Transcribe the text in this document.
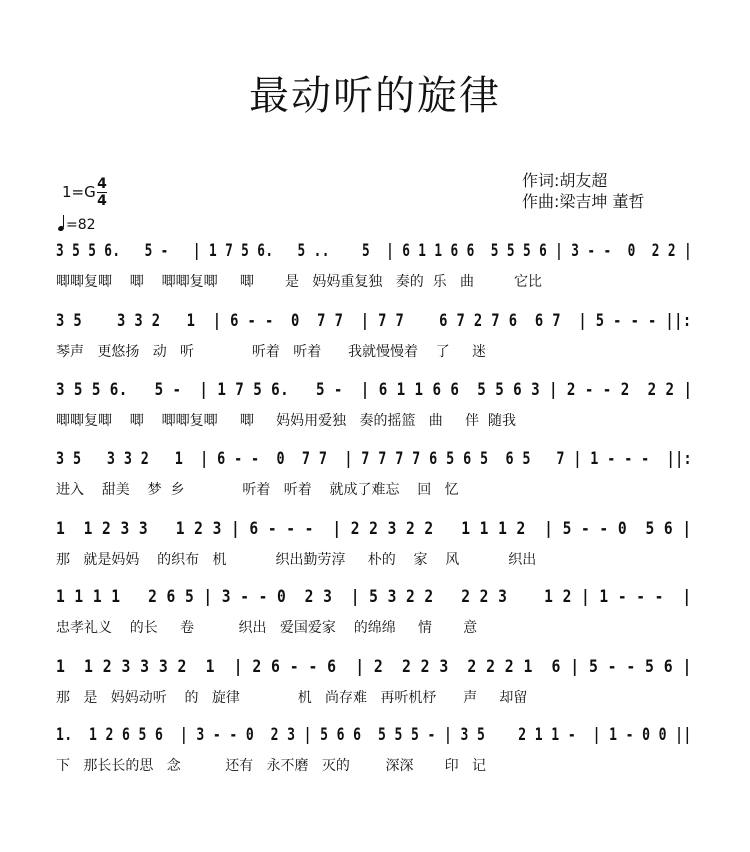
最动听的旋律
作词:胡友超
作曲:梁吉坤 董哲
1=G 4
4
=82
3 5 5 6.   5 -   | 1 7 5 6.   5 ..    5  | 6 1 1 6 6  5 5 5 6 | 3 - -  0  2 2 |
唧唧复唧    唧    唧唧复唧     唧       是   妈妈重复独   奏的  乐   曲         它比
3 5    3 3 2   1  | 6 - -  0  7 7  | 7 7    6 7 2 7 6  6 7  | 5 - - - ||:
琴声   更悠扬   动   听             听着   听着      我就慢慢着    了     迷
3 5 5 6.   5 -  | 1 7 5 6.   5 -  | 6 1 1 6 6  5 5 6 3 | 2 - - 2  2 2 |
唧唧复唧    唧    唧唧复唧     唧     妈妈用爱独   奏的摇篮   曲     伴  随我
3 5   3 3 2   1  | 6 - -  0  7 7  | 7 7 7 7 6 5 6 5  6 5   7 | 1 - - -  ||:
进入    甜美    梦  乡             听着   听着    就成了难忘    回   忆
1  1 2 3 3   1 2 3 | 6 - - -  | 2 2 3 2 2   1 1 1 2  | 5 - - 0  5 6 |
那   就是妈妈    的织布   机           织出勤劳淳     朴的    家    风           织出
1 1 1 1   2 6 5 | 3 - - 0  2 3  | 5 3 2 2   2 2 3    1 2 | 1 - - -  |
忠孝礼义    的长     卷          织出   爱国爱家    的绵绵     情       意
1  1 2 3 3 3 2  1  | 2 6 - - 6  | 2  2 2 3  2 2 2 1  6 | 5 - - 5 6 |
那   是   妈妈动听    的   旋律             机   尚存难   再听机杼      声     却留
1.  1 2 6 5 6  | 3 - - 0  2 3 | 5 6 6  5 5 5 - | 3 5    2 1 1 -  | 1 - 0 0 ||
下   那长长的思   念          还有   永不磨   灭的        深深       印   记
